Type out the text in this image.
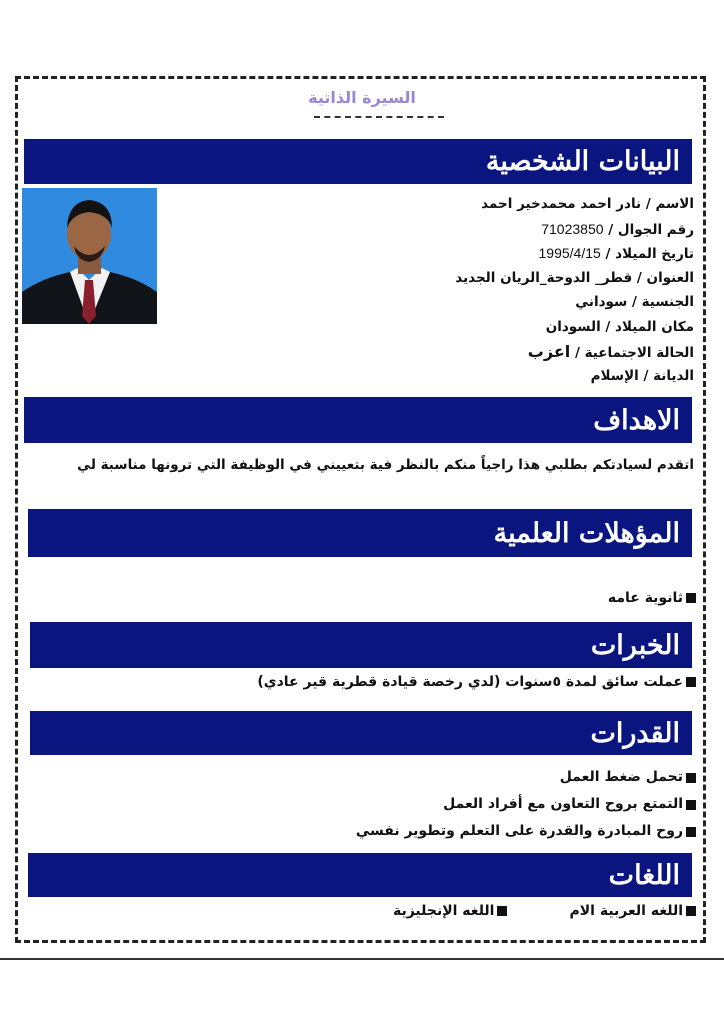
السيرة الذاتية
البيانات الشخصية
الاسم / نادر احمد محمدخير احمد
رقم الجوال / 71023850
تاريخ الميلاد / 1995/4/15
العنوان / قطر_ الدوحة_الريان الجديد
الجنسية / سوداني
مكان الميلاد / السودان
الحالة الاجتماعية / اعزب
الديانة / الإسلام
الاهداف
اتقدم لسيادتكم بطلبي هذا راجياً منكم بالنظر فية بتعييني في الوظيفة التي ترونها مناسبة لي
المؤهلات العلمية
ثانوية عامه
الخبرات
عملت سائق لمدة ٥سنوات (لدي رخصة قيادة قطرية قير عادي)
القدرات
تحمل ضغط العمل
التمتع بروح التعاون مع أفراد العمل
روح المبادرة والقدرة على التعلم وتطوير نفسي
اللغات
اللغه العربية الام
اللغه الإنجليزية
